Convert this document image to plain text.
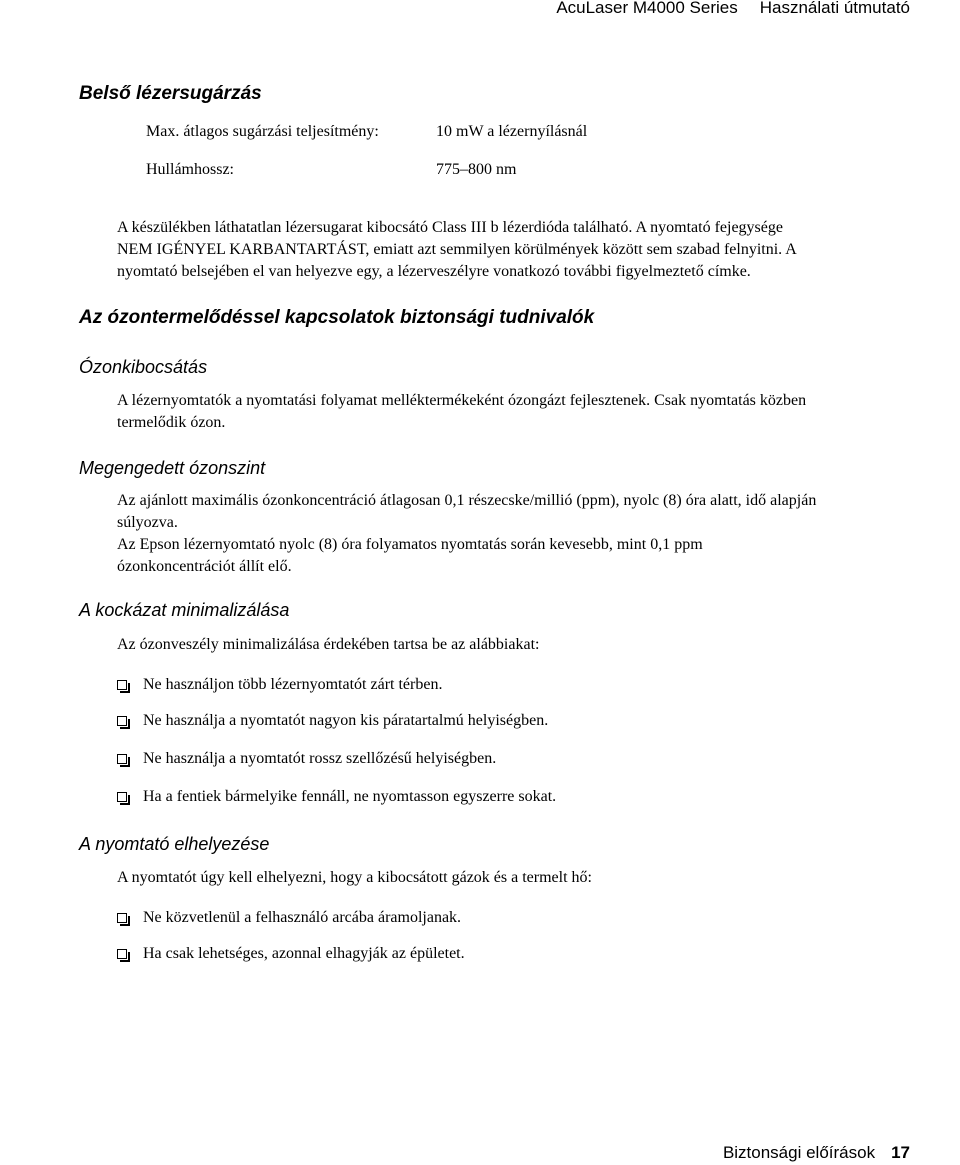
AcuLaser M4000 Series Használati útmutató
Belső lézersugárzás
Max. átlagos sugárzási teljesítmény:	10 mW a lézernyílásnál
Hullámhossz:	775–800 nm
A készülékben láthatatlan lézersugarat kibocsátó Class III b lézerdióda található. A nyomtató fejegysége
NEM IGÉNYEL KARBANTARTÁST, emiatt azt semmilyen körülmények között sem szabad felnyitni. A
nyomtató belsejében el van helyezve egy, a lézerveszélyre vonatkozó további figyelmeztető címke.
Az ózontermelődéssel kapcsolatok biztonsági tudnivalók
Ózonkibocsátás
A lézernyomtatók a nyomtatási folyamat melléktermékeként ózongázt fejlesztenek. Csak nyomtatás közben
termelődik ózon.
Megengedett ózonszint
Az ajánlott maximális ózonkoncentráció átlagosan 0,1 részecske/millió (ppm), nyolc (8) óra alatt, idő alapján
súlyozva.
Az Epson lézernyomtató nyolc (8) óra folyamatos nyomtatás során kevesebb, mint 0,1 ppm
ózonkoncentrációt állít elő.
A kockázat minimalizálása
Az ózonveszély minimalizálása érdekében tartsa be az alábbiakat:
Ne használjon több lézernyomtatót zárt térben.
Ne használja a nyomtatót nagyon kis páratartalmú helyiségben.
Ne használja a nyomtatót rossz szellőzésű helyiségben.
Ha a fentiek bármelyike fennáll, ne nyomtasson egyszerre sokat.
A nyomtató elhelyezése
A nyomtatót úgy kell elhelyezni, hogy a kibocsátott gázok és a termelt hő:
Ne közvetlenül a felhasználó arcába áramoljanak.
Ha csak lehetséges, azonnal elhagyják az épületet.
Biztonsági előírások 17
